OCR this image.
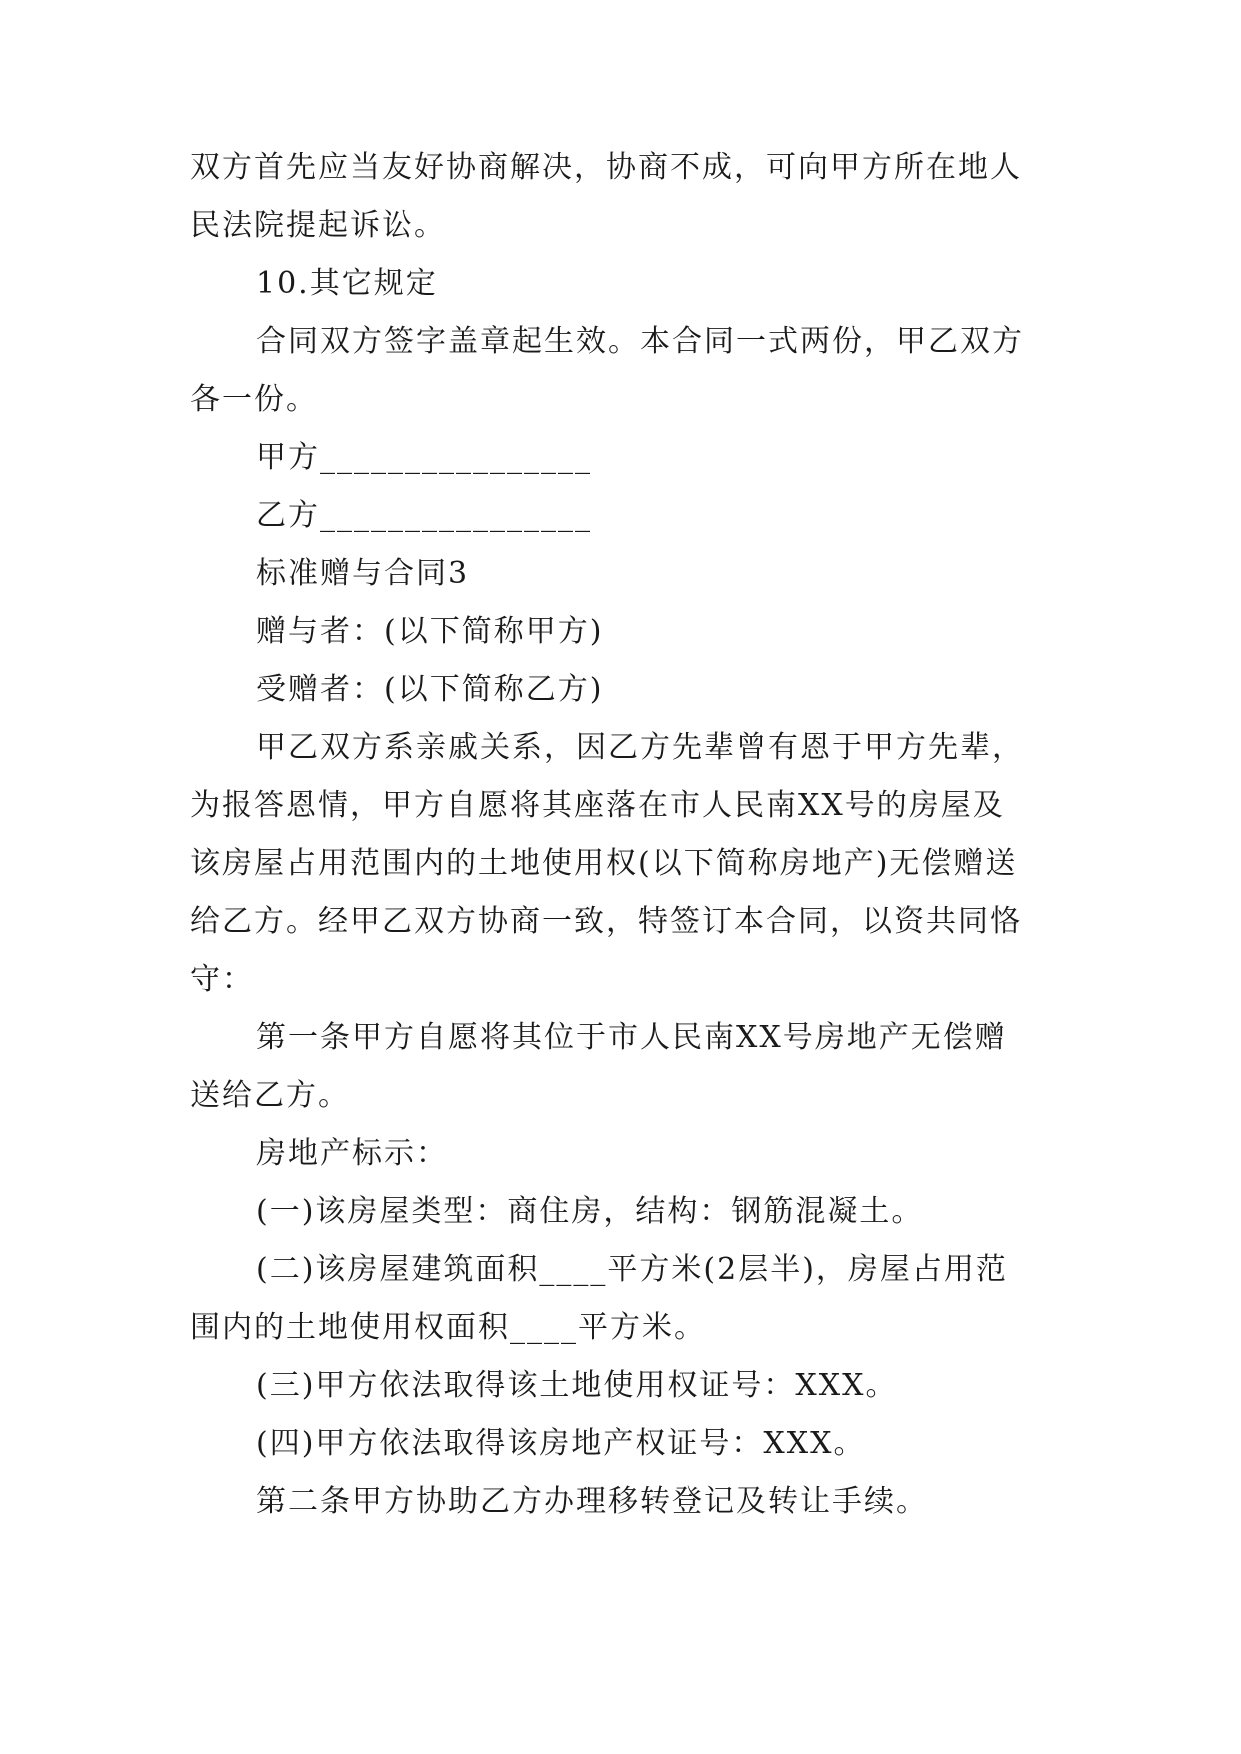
双方首先应当友好协商解决，协商不成，可向甲方所在地人
民法院提起诉讼。
10.其它规定
合同双方签字盖章起生效。本合同一式两份，甲乙双方
各一份。
甲方________________
乙方________________
标准赠与合同3
赠与者：(以下简称甲方)
受赠者：(以下简称乙方)
甲乙双方系亲戚关系，因乙方先辈曾有恩于甲方先辈，
为报答恩情，甲方自愿将其座落在市人民南XX号的房屋及
该房屋占用范围内的土地使用权(以下简称房地产)无偿赠送
给乙方。经甲乙双方协商一致，特签订本合同，以资共同恪
守：
第一条甲方自愿将其位于市人民南XX号房地产无偿赠
送给乙方。
房地产标示：
(一)该房屋类型：商住房，结构：钢筋混凝土。
(二)该房屋建筑面积____平方米(2层半)，房屋占用范
围内的土地使用权面积____平方米。
(三)甲方依法取得该土地使用权证号：XXX。
(四)甲方依法取得该房地产权证号：XXX。
第二条甲方协助乙方办理移转登记及转让手续。
